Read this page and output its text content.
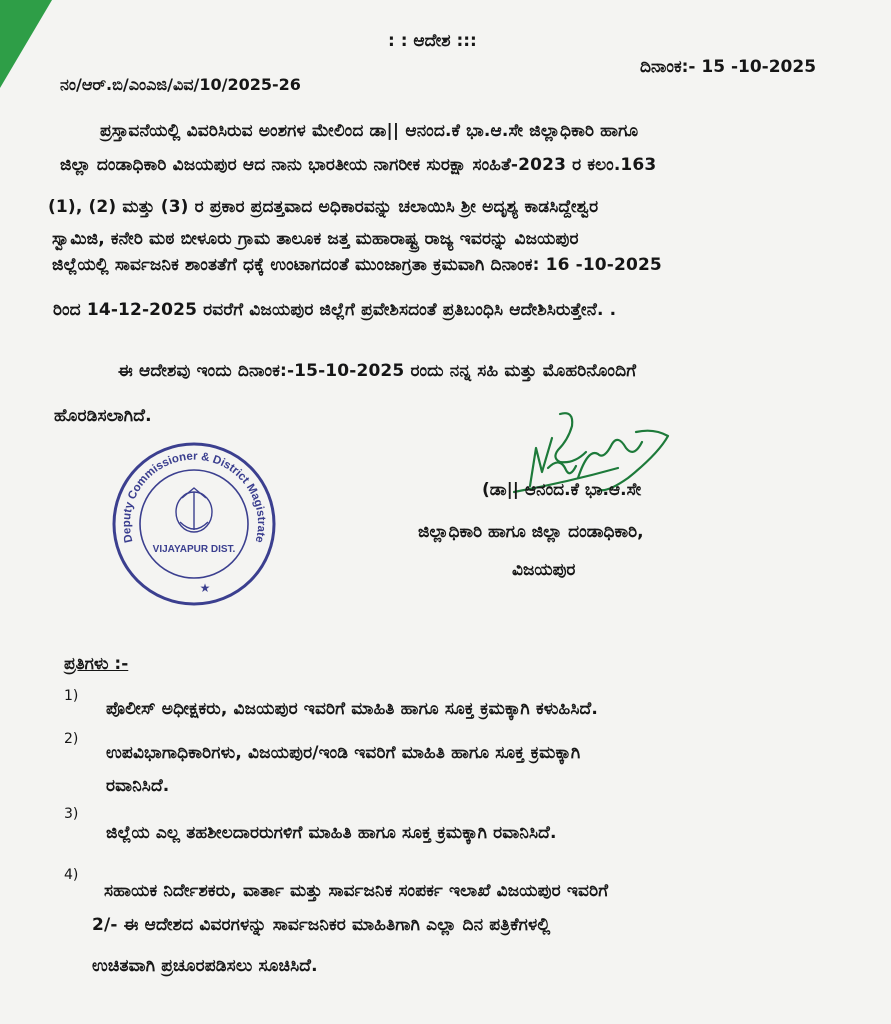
: : ಆದೇಶ :::
ದಿನಾಂಕ:- 15 -10-2025
ನಂ/ಆರ್.ಬಿ/ಎಂಎಜಿ/ವಿವ/10/2025-26
ಪ್ರಸ್ತಾವನೆಯಲ್ಲಿ ವಿವರಿಸಿರುವ ಅಂಶಗಳ ಮೇಲಿಂದ ಡಾ|| ಆನಂದ.ಕೆ ಭಾ.ಆ.ಸೇ ಜಿಲ್ಲಾಧಿಕಾರಿ ಹಾಗೂ
ಜಿಲ್ಲಾ ದಂಡಾಧಿಕಾರಿ ವಿಜಯಪುರ ಆದ ನಾನು ಭಾರತೀಯ ನಾಗರೀಕ ಸುರಕ್ಷಾ ಸಂಹಿತೆ-2023 ರ ಕಲಂ.163
(1), (2) ಮತ್ತು (3) ರ ಪ್ರಕಾರ ಪ್ರದತ್ತವಾದ ಅಧಿಕಾರವನ್ನು ಚಲಾಯಿಸಿ ಶ್ರೀ ಅದೃಶ್ಯ ಕಾಡಸಿದ್ದೇಶ್ವರ
ಸ್ವಾಮಿಜಿ, ಕನೇರಿ ಮಠ ಬೀಳೂರು ಗ್ರಾಮ ತಾಲೂಕ ಜತ್ತ ಮಹಾರಾಷ್ಟ್ರ ರಾಜ್ಯ ಇವರನ್ನು ವಿಜಯಪುರ
ಜಿಲ್ಲೆಯಲ್ಲಿ ಸಾರ್ವಜನಿಕ ಶಾಂತತೆಗೆ ಧಕ್ಕೆ ಉಂಟಾಗದಂತೆ ಮುಂಜಾಗ್ರತಾ ಕ್ರಮವಾಗಿ ದಿನಾಂಕ: 16 -10-2025
ರಿಂದ 14-12-2025 ರವರೆಗೆ ವಿಜಯಪುರ ಜಿಲ್ಲೆಗೆ ಪ್ರವೇಶಿಸದಂತೆ ಪ್ರತಿಬಂಧಿಸಿ ಆದೇಶಿಸಿರುತ್ತೇನೆ. .
ಈ ಆದೇಶವು ಇಂದು ದಿನಾಂಕ:-15-10-2025 ರಂದು ನನ್ನ ಸಹಿ ಮತ್ತು ಮೊಹರಿನೊಂದಿಗೆ
ಹೊರಡಿಸಲಾಗಿದೆ.
Deputy Commissioner & District Magistrate
VIJAYAPUR DIST.
★
(ಡಾ|| ಆನಂದ.ಕೆ ಭಾ.ಆ.ಸೇ
ಜಿಲ್ಲಾಧಿಕಾರಿ ಹಾಗೂ ಜಿಲ್ಲಾ ದಂಡಾಧಿಕಾರಿ,
ವಿಜಯಪುರ
ಪ್ರತಿಗಳು :-
1)
ಪೊಲೀಸ್ ಅಧೀಕ್ಷಕರು, ವಿಜಯಪುರ ಇವರಿಗೆ ಮಾಹಿತಿ ಹಾಗೂ ಸೂಕ್ತ ಕ್ರಮಕ್ಕಾಗಿ ಕಳುಹಿಸಿದೆ.
2)
ಉಪವಿಭಾಗಾಧಿಕಾರಿಗಳು, ವಿಜಯಪುರ/ಇಂಡಿ ಇವರಿಗೆ ಮಾಹಿತಿ ಹಾಗೂ ಸೂಕ್ತ ಕ್ರಮಕ್ಕಾಗಿ
ರವಾನಿಸಿದೆ.
3)
ಜಿಲ್ಲೆಯ ಎಲ್ಲ ತಹಶೀಲದಾರರುಗಳಿಗೆ ಮಾಹಿತಿ ಹಾಗೂ ಸೂಕ್ತ ಕ್ರಮಕ್ಕಾಗಿ ರವಾನಿಸಿದೆ.
4)
ಸಹಾಯಕ ನಿರ್ದೇಶಕರು, ವಾರ್ತಾ ಮತ್ತು ಸಾರ್ವಜನಿಕ ಸಂಪರ್ಕ ಇಲಾಖೆ ವಿಜಯಪುರ ಇವರಿಗೆ
2/- ಈ ಆದೇಶದ ವಿವರಗಳನ್ನು ಸಾರ್ವಜನಿಕರ ಮಾಹಿತಿಗಾಗಿ ಎಲ್ಲಾ ದಿನ ಪತ್ರಿಕೆಗಳಲ್ಲಿ
ಉಚಿತವಾಗಿ ಪ್ರಚೂರಪಡಿಸಲು ಸೂಚಿಸಿದೆ.
